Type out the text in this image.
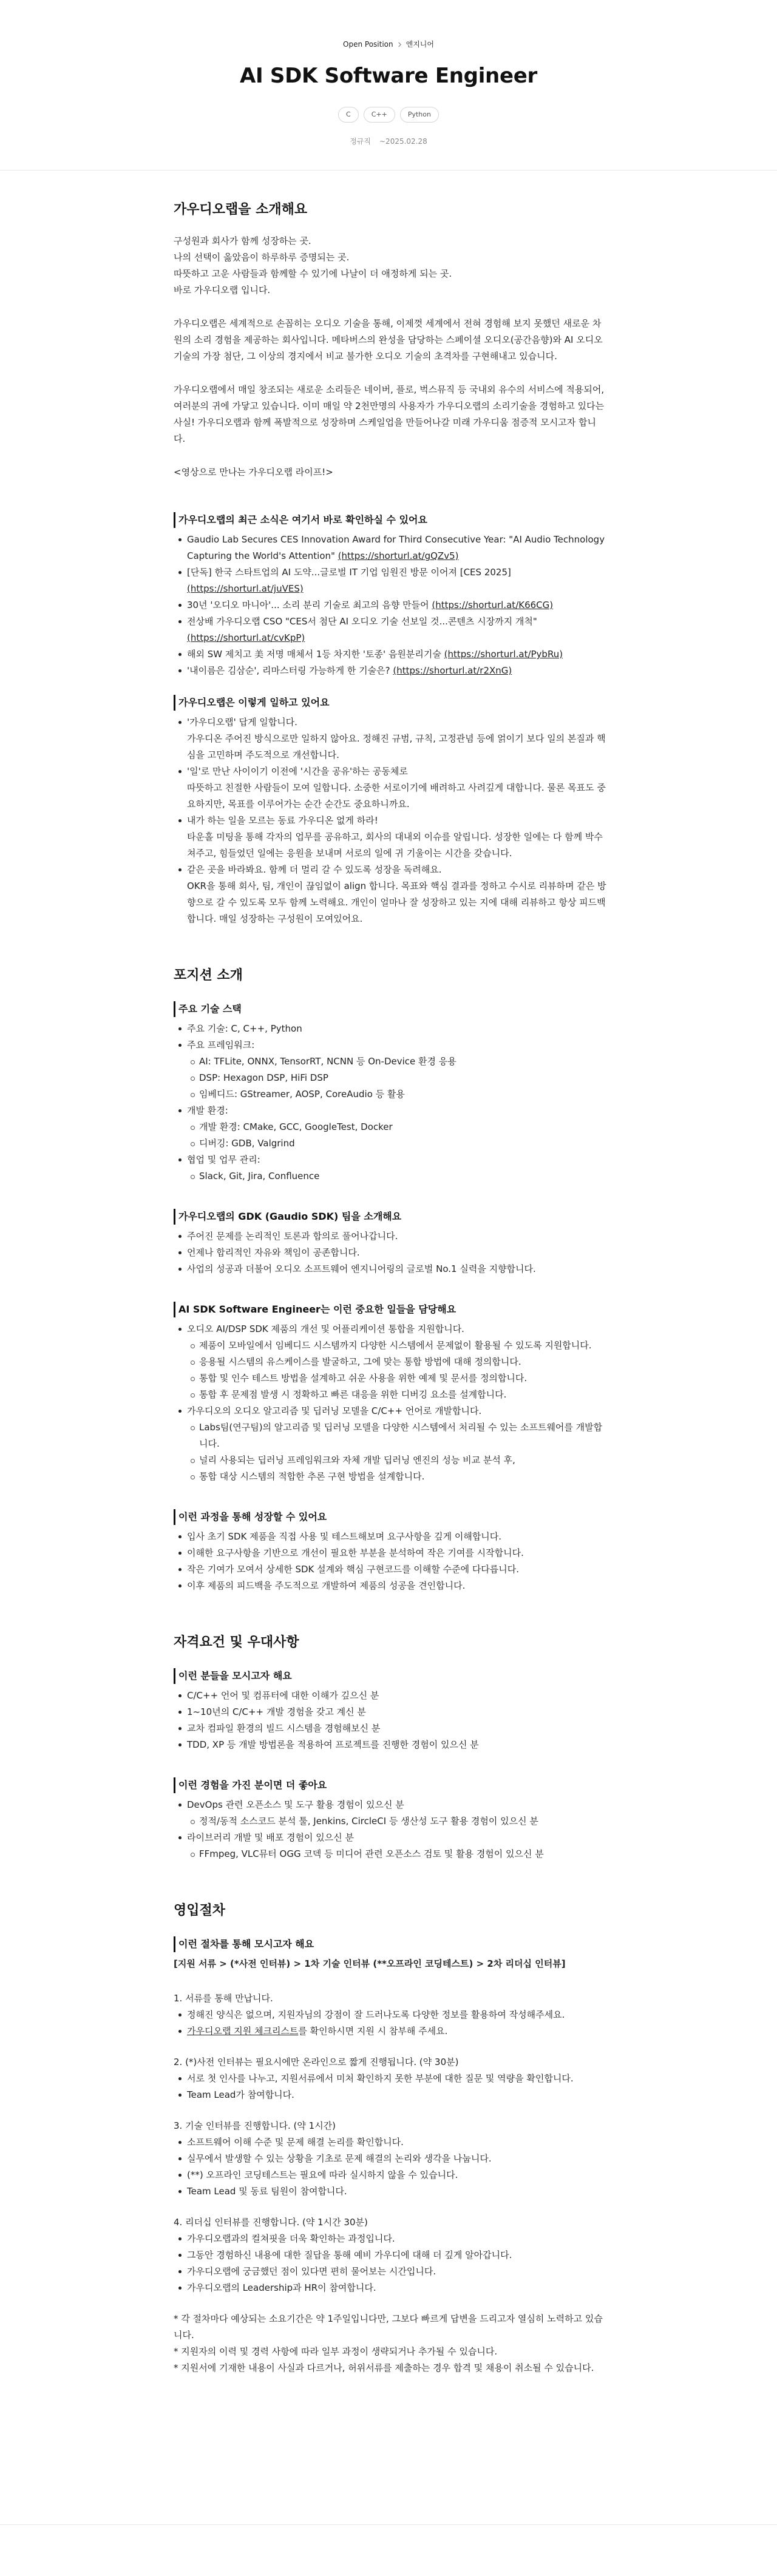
Open Position 엔지니어
AI SDK Software Engineer
C	C++	Python
정규직 ~2025.02.28
가우디오랩을 소개해요

구성원과 회사가 함께 성장하는 곳.

나의 선택이 옳았음이 하루하루 증명되는 곳.

따뜻하고 고운 사람들과 함께할 수 있기에 나날이 더 애정하게 되는 곳.

바로 가우디오랩 입니다.

가우디오랩은 세계적으로 손꼽히는 오디오 기술을 통해, 이제껏 세계에서 전혀 경험해 보지 못했던 새로운 차원의 소리 경험을 제공하는 회사입니다. 메타버스의 완성을 담당하는 스페이셜 오디오(공간음향)와 AI 오디오 기술의 가장 첨단, 그 이상의 경지에서 비교 불가한 오디오 기술의 초격차를 구현해내고 있습니다.

가우디오랩에서 매일 창조되는 새로운 소리들은 네이버, 플로, 벅스뮤직 등 국내외 유수의 서비스에 적용되어, 여러분의 귀에 가닿고 있습니다. 이미 매일 약 2천만명의 사용자가 가우디오랩의 소리기술을 경험하고 있다는 사실! 가우디오랩과 함께 폭발적으로 성장하며 스케일업을 만들어나갈 미래 가우디움 점증적 모시고자 합니다.

<영상으로 만나는 가우디오랩 라이프!>

가우디오랩의 최근 소식은 여기서 바로 확인하실 수 있어요
Gaudio Lab Secures CES Innovation Award for Third Consecutive Year: "AI Audio Technology Capturing the World's Attention" (https://shorturl.at/gQZv5)
[단독] 한국 스타트업의 AI 도약...글로벌 IT 기업 임원진 방문 이어져 [CES 2025] (https://shorturl.at/juVES)
30년 '오디오 마니아'... 소리 분리 기술로 최고의 음향 만들어 (https://shorturl.at/K66CG)
전상배 가우디오랩 CSO "CES서 첨단 AI 오디오 기술 선보일 것...콘텐츠 시장까지 개척" (https://shorturl.at/cvKpP)
해외 SW 제치고 美 저명 매체서 1등 차지한 '토종' 음원분리기술 (https://shorturl.at/PybRu)
'내이름은 김삼순', 리마스터링 가능하게 한 기술은? (https://shorturl.at/r2XnG)
가우디오랩은 이렇게 일하고 있어요
'가우디오랩' 답게 일합니다.
가우디온 주어진 방식으로만 일하지 않아요. 정해진 규범, 규칙, 고정관념 등에 얽이기 보다 일의 본질과 핵심을 고민하며 주도적으로 개선합니다.
'일'로 만난 사이이기 이전에 '시간을 공유'하는 공동체로
따뜻하고 친절한 사람들이 모여 일합니다. 소중한 서로이기에 배려하고 사려깊게 대합니다. 물론 목표도 중요하지만, 목표를 이루어가는 순간 순간도 중요하니까요.
내가 하는 일을 모르는 동료 가우디온 없게 하라!
타운홀 미팅을 통해 각자의 업무를 공유하고, 회사의 대내외 이슈를 알립니다. 성장한 일에는 다 함께 박수 쳐주고, 힘들었던 일에는 응원을 보내며 서로의 일에 귀 기울이는 시간을 갖습니다.
같은 곳을 바라봐요. 함께 더 멀리 갈 수 있도록 성장을 독려해요.
OKR을 통해 회사, 팀, 개인이 끊임없이 align 합니다. 목표와 핵심 결과를 정하고 수시로 리뷰하며 같은 방향으로 갈 수 있도록 모두 함께 노력해요. 개인이 얼마나 잘 성장하고 있는 지에 대해 리뷰하고 항상 피드백합니다. 매일 성장하는 구성원이 모여있어요.
포지션 소개
주요 기술 스택
주요 기술: C, C++, Python
주요 프레임워크:
AI: TFLite, ONNX, TensorRT, NCNN 등 On-Device 환경 응용
DSP: Hexagon DSP, HiFi DSP
임베디드: GStreamer, AOSP, CoreAudio 등 활용
개발 환경:
개발 환경: CMake, GCC, GoogleTest, Docker
디버깅: GDB, Valgrind
협업 및 업무 관리:
Slack, Git, Jira, Confluence
가우디오랩의 GDK (Gaudio SDK) 팀을 소개해요
주어진 문제를 논리적인 토론과 합의로 풀어나갑니다.
언제나 합리적인 자유와 책임이 공존합니다.
사업의 성공과 더불어 오디오 소프트웨어 엔지니어링의 글로벌 No.1 실력을 지향합니다.
AI SDK Software Engineer는 이런 중요한 일들을 담당해요
오디오 AI/DSP SDK 제품의 개선 및 어플리케이션 통합을 지원합니다.
제품이 모바일에서 임베디드 시스템까지 다양한 시스템에서 문제없이 활용될 수 있도록 지원합니다.
응용될 시스템의 유스케이스를 발굴하고, 그에 맞는 통합 방법에 대해 정의합니다.
통합 및 인수 테스트 방법을 설계하고 쉬운 사용을 위한 예제 및 문서를 정의합니다.
통합 후 문제점 발생 시 정확하고 빠른 대응을 위한 디버깅 요소를 설계합니다.
가우디오의 오디오 알고리즘 및 딥러닝 모델을 C/C++ 언어로 개발합니다.
Labs팀(연구팀)의 알고리즘 및 딥러닝 모델을 다양한 시스템에서 처리될 수 있는 소프트웨어를 개발합니다.
널리 사용되는 딥러닝 프레임워크와 자체 개발 딥러닝 엔진의 성능 비교 분석 후,
통합 대상 시스템의 적합한 추론 구현 방법을 설계합니다.
이런 과정을 통해 성장할 수 있어요
입사 초기 SDK 제품을 직접 사용 및 테스트해보며 요구사항을 깊게 이해합니다.
이해한 요구사항을 기반으로 개선이 필요한 부분을 분석하여 작은 기여를 시작합니다.
작은 기여가 모여서 상세한 SDK 설계와 핵심 구현코드를 이해할 수준에 다다릅니다.
이후 제품의 피드백을 주도적으로 개발하여 제품의 성공을 견인합니다.
자격요건 및 우대사항
이런 분들을 모시고자 해요
C/C++ 언어 및 컴퓨터에 대한 이해가 깊으신 분
1~10년의 C/C++ 개발 경험을 갖고 계신 분
교차 컴파일 환경의 빌드 시스템을 경험해보신 분
TDD, XP 등 개발 방법론을 적용하여 프로젝트를 진행한 경험이 있으신 분
이런 경험을 가진 분이면 더 좋아요
DevOps 관련 오픈소스 및 도구 활용 경험이 있으신 분
정적/동적 소스코드 분석 툴, Jenkins, CircleCI 등 생산성 도구 활용 경험이 있으신 분
라이브러리 개발 및 배포 경험이 있으신 분
FFmpeg, VLC뮤터 OGG 코덱 등 미디어 관련 오픈소스 검토 및 활용 경험이 있으신 분
영입절차
이런 절차를 통해 모시고자 해요

[지원 서류 > (*사전 인터뷰) > 1차 기술 인터뷰 (**오프라인 코딩테스트) > 2차 리더십 인터뷰]

1. 서류를 통해 만납니다.

정해진 양식은 없으며, 지원자님의 강점이 잘 드러나도록 다양한 정보를 활용하여 작성해주세요.
가우디오랩 지원 체크리스트를 확인하시면 지원 시 참부해 주세요.

2. (*)사전 인터뷰는 필요시에만 온라인으로 짧게 진행됩니다. (약 30분)

서로 첫 인사를 나누고, 지원서류에서 미처 확인하지 못한 부분에 대한 질문 및 역량을 확인합니다.
Team Lead가 참여합니다.

3. 기술 인터뷰를 진행합니다. (약 1시간)

소프트웨어 이해 수준 및 문제 해결 논리를 확인합니다.
실무에서 발생할 수 있는 상황을 기초로 문제 해결의 논리와 생각을 나눕니다.
(**) 오프라인 코딩테스트는 필요에 따라 실시하지 않을 수 있습니다.
Team Lead 및 동료 팀원이 참여합니다.

4. 리더십 인터뷰를 진행합니다. (약 1시간 30분)

가우디오랩과의 컬쳐핏을 더욱 확인하는 과정입니다.
그동안 경험하신 내용에 대한 질답을 통해 예비 가우디에 대해 더 깊게 알아갑니다.
가우디오랩에 궁금했던 점이 있다면 편히 물어보는 시간입니다.
가우디오랩의 Leadership과 HR이 참여합니다.

* 각 절차마다 예상되는 소요기간은 약 1주일입니다만, 그보다 빠르게 답변을 드리고자 열심히 노력하고 있습니다.

* 지원자의 이력 및 경력 사항에 따라 일부 과정이 생략되거나 추가될 수 있습니다.

* 지원서에 기재한 내용이 사실과 다르거나, 허위서류를 제출하는 경우 합격 및 채용이 취소될 수 있습니다.
